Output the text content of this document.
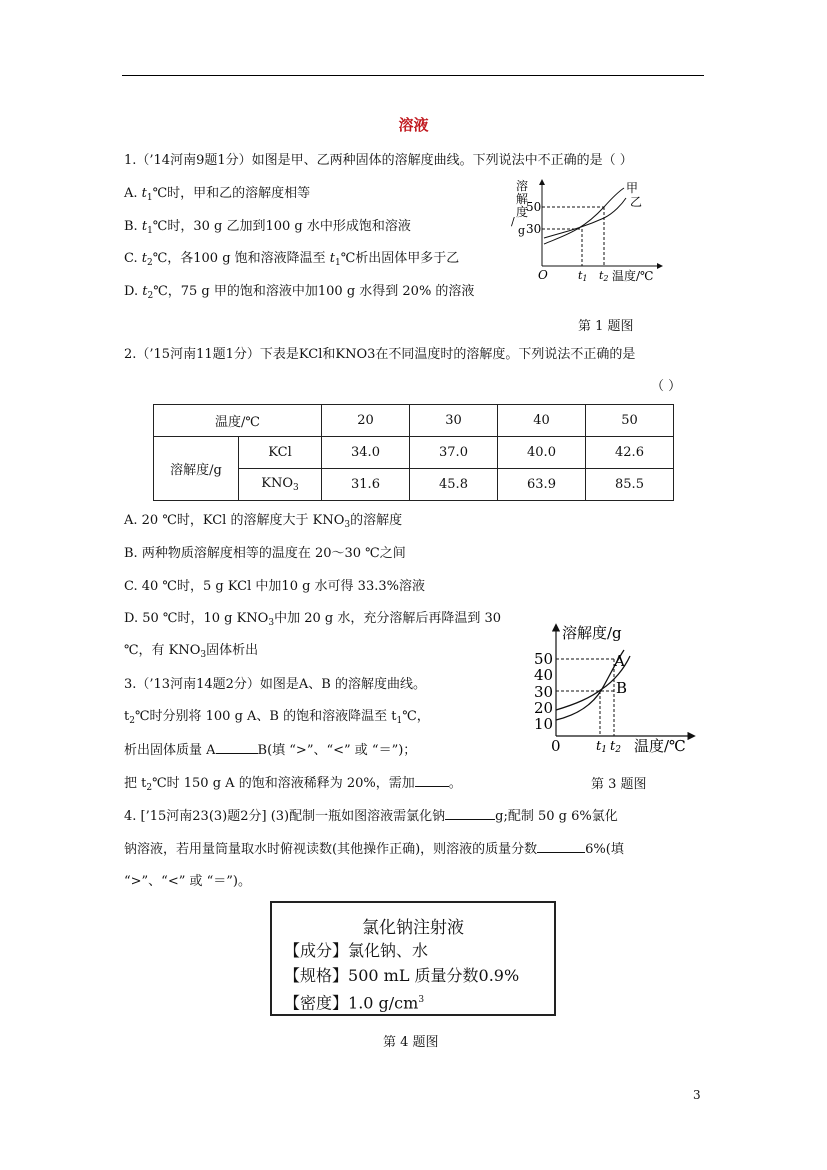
溶液
1.（’14河南9题1分）如图是甲、乙两种固体的溶解度曲线。下列说法中不正确的是（ ）
A. $t_1℃$时，甲和乙的溶解度相等
B. $t_1℃$时，30 g 乙加到100 g 水中形成饱和溶液
C. $t_2℃$，各100 g 饱和溶液降温至 $t_1℃$析出固体甲多于乙
D. $t_2℃$，75 g 甲的饱和溶液中加100 g 水得到 20% 的溶液
溶
解
度
/
g
50
30
O
甲
乙
t1 t2 温度/℃
第 1 题图
2.（’15河南11题1分）下表是KCl和KNO3在不同温度时的溶解度。下列说法不正确的是
（ ）
温度/℃		20	30	40	50
溶解度/g	KCl	34.0	37.0	40.0	42.6
	$KNO_3$	31.6	45.8	63.9	85.5
A. 20 ℃时，KCl 的溶解度大于 $KNO_3$的溶解度
B. 两种物质溶解度相等的温度在 20～30 ℃之间
C. 40 ℃时，5 g KCl 中加10 g 水可得 33.3%溶液
D. 50 ℃时，10 g $KNO_3$中加 20 g 水，充分溶解后再降温到 30
℃，有 $KNO_3$固体析出
3.（’13河南14题2分）如图是A、B 的溶解度曲线。
$t_2℃$时分别将 100 g A、B 的饱和溶液降温至 $t_1℃$，
析出固体质量 A	B(填 “>”、“<” 或 “＝”)；
把 $t_2℃$时 150 g A 的饱和溶液稀释为 20%，需加	。
溶解度/g
50
40
30
20
10
0
A
B
t1 t2 温度/℃
第 3 题图
4. [’15河南23(3)题2分] (3)配制一瓶如图溶液需氯化钠	g;配制 50 g 6%氯化
钠溶液，若用量筒量取水时俯视读数(其他操作正确)，则溶液的质量分数	6%(填
“>”、“<” 或 “＝”)。
氯化钠注射液
【成分】氯化钠、水
【规格】500 mL 质量分数0.9%
【密度】1.0 $g/cm^3$
第 4 题图
3
